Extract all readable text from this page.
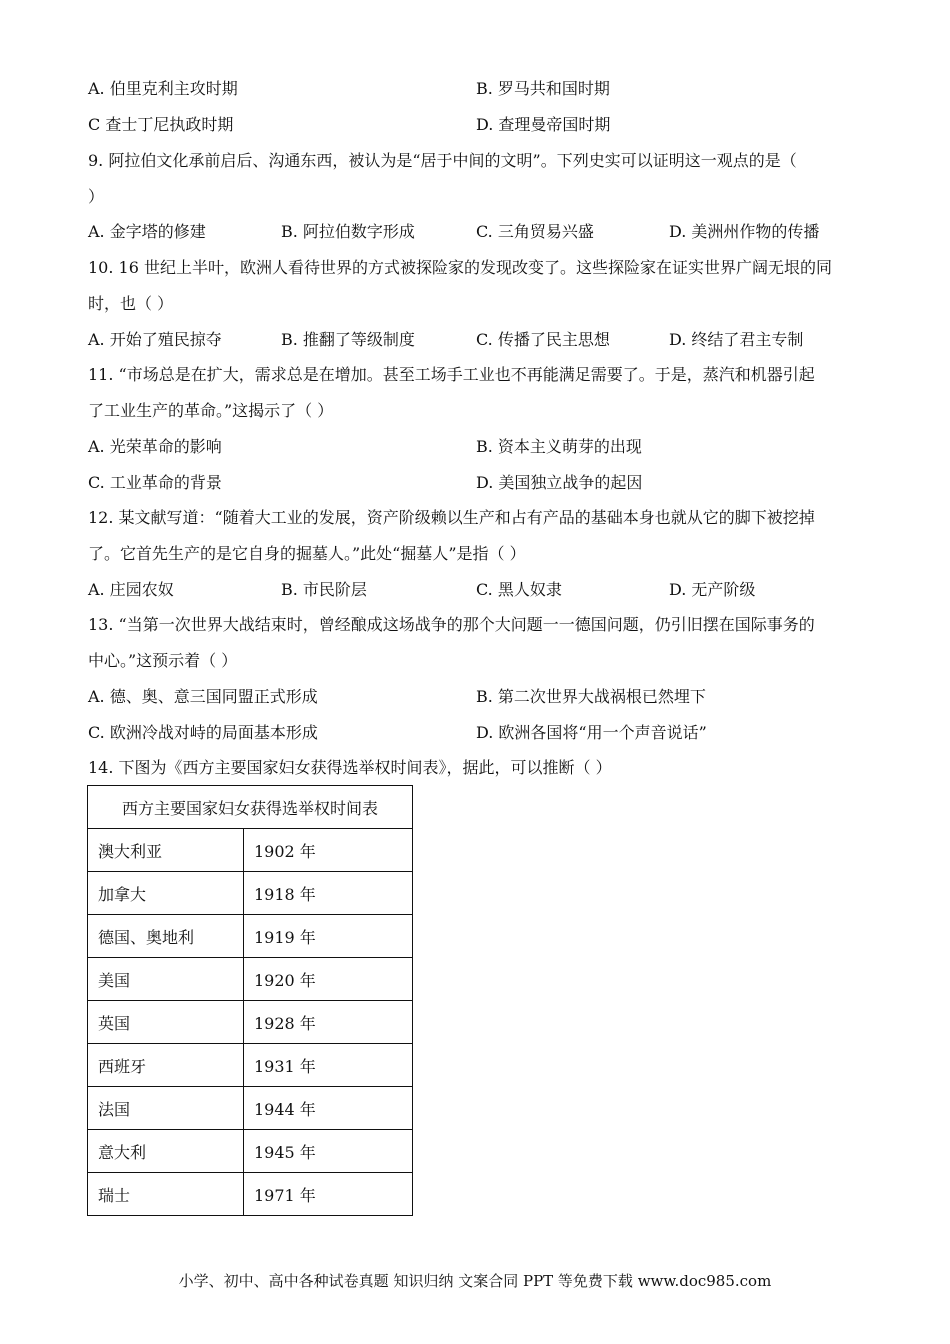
A. 伯里克利主攻时期	B. 罗马共和国时期
C 查士丁尼执政时期	D. 查理曼帝国时期
9. 阿拉伯文化承前启后、沟通东西，被认为是“居于中间的文明”。下列史实可以证明这一观点的是（
）
A. 金字塔的修建	B. 阿拉伯数字形成	C. 三角贸易兴盛	D. 美洲州作物的传播
10. 16 世纪上半叶，欧洲人看待世界的方式被探险家的发现改变了。这些探险家在证实世界广阔无垠的同
时，也（ ）
A. 开始了殖民掠夺	B. 推翻了等级制度	C. 传播了民主思想	D. 终结了君主专制
11. “市场总是在扩大，需求总是在增加。甚至工场手工业也不再能满足需要了。于是，蒸汽和机器引起
了工业生产的革命。”这揭示了（ ）
A. 光荣革命的影响	B. 资本主义萌芽的出现
C. 工业革命的背景	D. 美国独立战争的起因
12. 某文献写道：“随着大工业的发展，资产阶级赖以生产和占有产品的基础本身也就从它的脚下被挖掉
了。它首先生产的是它自身的掘墓人。”此处“掘墓人”是指（ ）
A. 庄园农奴	B. 市民阶层	C. 黑人奴隶	D. 无产阶级
13. “当第一次世界大战结束时，曾经酿成这场战争的那个大问题一一德国问题，仍引旧摆在国际事务的
中心。”这预示着（ ）
A. 德、奥、意三国同盟正式形成	B. 第二次世界大战祸根已然埋下
C. 欧洲冷战对峙的局面基本形成	D. 欧洲各国将“用一个声音说话”
14. 下图为《西方主要国家妇女获得选举权时间表》，据此，可以推断（ ）
西方主要国家妇女获得选举权时间表	
澳大利亚	1902 年
加拿大	1918 年
德国、奥地利	1919 年
美国	1920 年
英国	1928 年
西班牙	1931 年
法国	1944 年
意大利	1945 年
瑞士	1971 年
小学、初中、高中各种试卷真题 知识归纳 文案合同 PPT 等免费下载 www.doc985.com
